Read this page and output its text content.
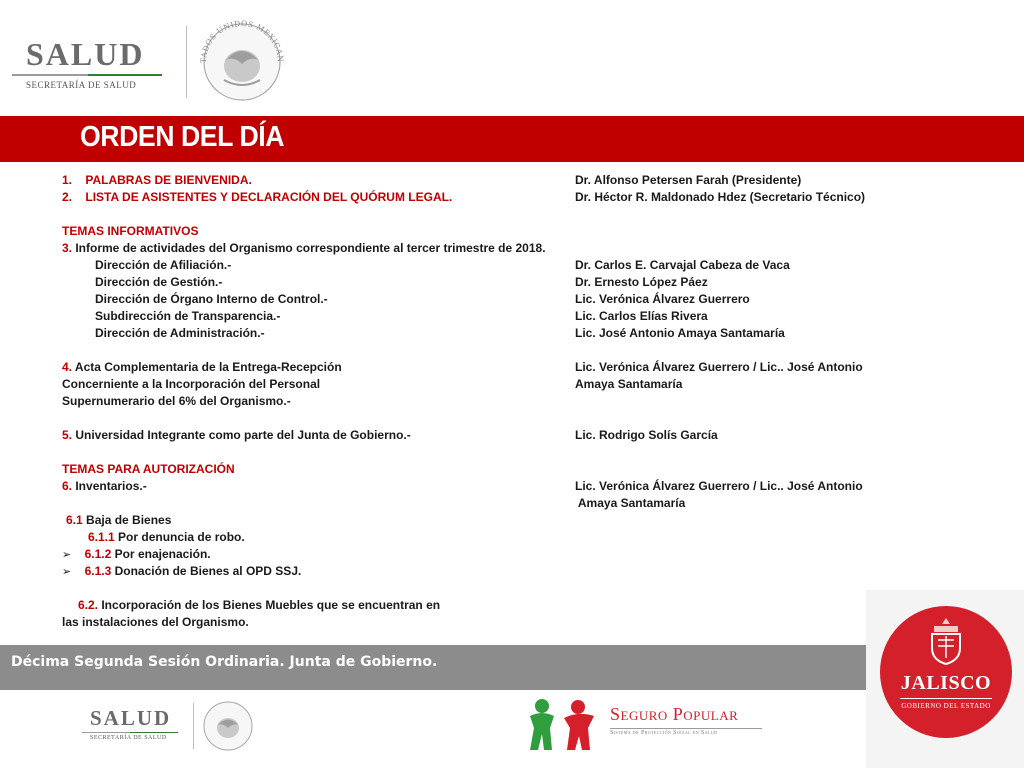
SALUD
SECRETARÍA DE SALUD
TADOS UNIDOS MEXICAN
ORDEN DEL DÍA
1. PALABRAS DE BIENVENIDA.
2. LISTA DE ASISTENTES Y DECLARACIÓN DEL QUÓRUM LEGAL.
TEMAS INFORMATIVOS
3. Informe de actividades del Organismo correspondiente al tercer trimestre de 2018.
Dirección de Afiliación.-
Dirección de Gestión.-
Dirección de Órgano Interno de Control.-
Subdirección de Transparencia.-
Dirección de Administración.-
4. Acta Complementaria de la Entrega-Recepción
Concerniente a la Incorporación del Personal
Supernumerario del 6% del Organismo.-
5. Universidad Integrante como parte del Junta de Gobierno.-
TEMAS PARA AUTORIZACIÓN
6. Inventarios.-
6.1 Baja de Bienes
6.1.1 Por denuncia de robo.
➢ 6.1.2 Por enajenación.
➢ 6.1.3 Donación de Bienes al OPD SSJ.
6.2. Incorporación de los Bienes Muebles que se encuentran en
las instalaciones del Organismo.
Dr. Alfonso Petersen Farah (Presidente)
Dr. Héctor R. Maldonado Hdez (Secretario Técnico)
Dr. Carlos E. Carvajal Cabeza de Vaca
Dr. Ernesto López Páez
Lic. Verónica Álvarez Guerrero
Lic. Carlos Elías Rivera
Lic. José Antonio Amaya Santamaría
Lic. Verónica Álvarez Guerrero / Lic.. José Antonio
Amaya Santamaría
Lic. Rodrigo Solís García
Lic. Verónica Álvarez Guerrero / Lic.. José Antonio
Amaya Santamaría
Décima Segunda Sesión Ordinaria. Junta de Gobierno.
JALISCO
GOBIERNO DEL ESTADO
SALUD
SECRETARÍA DE SALUD
Seguro Popular
Sistema de Protección Social en Salud
